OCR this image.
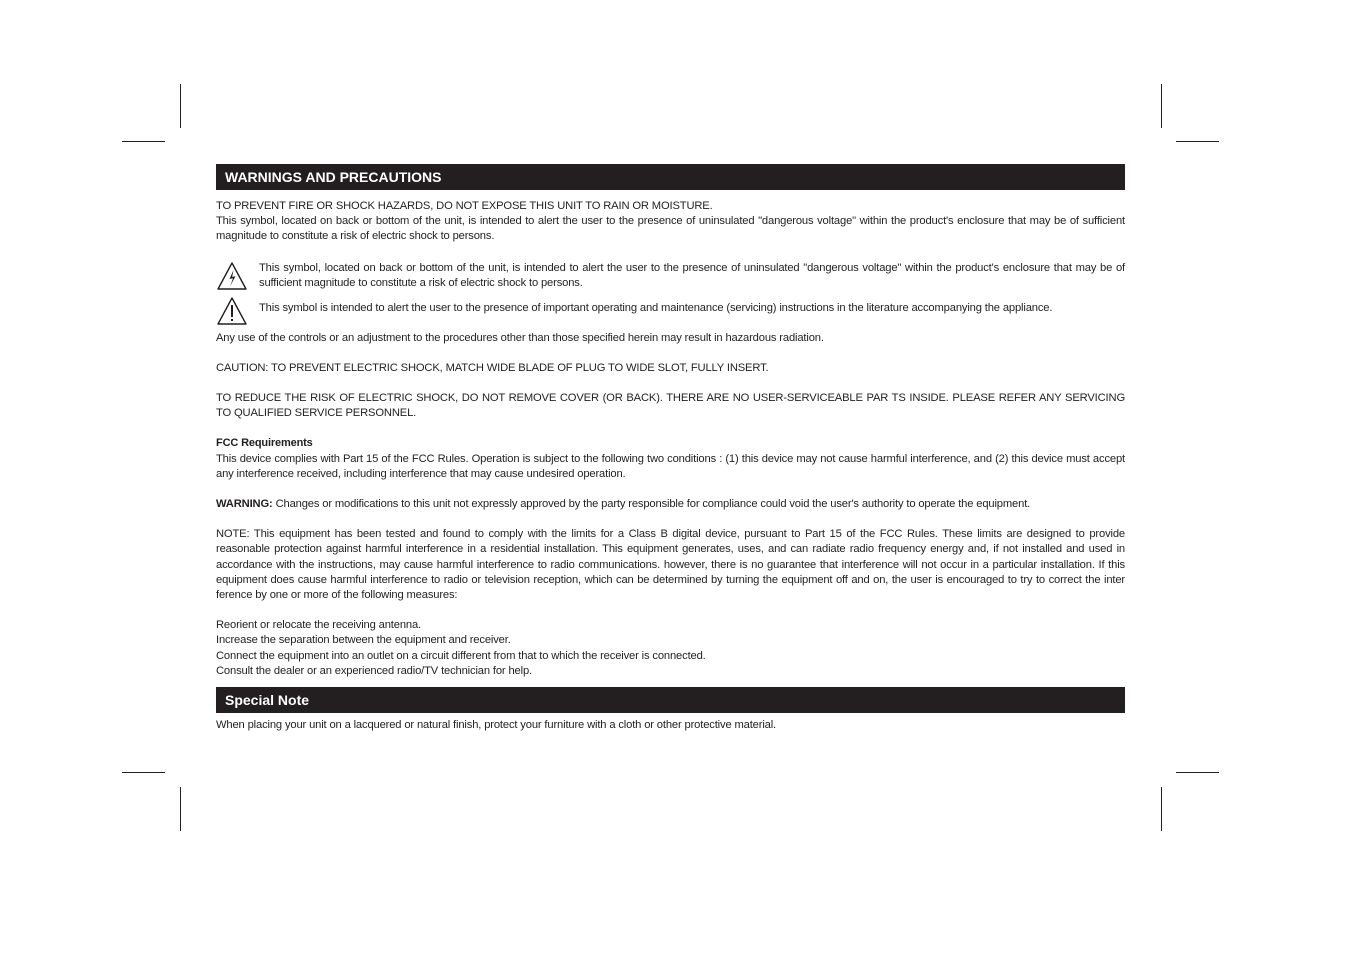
WARNINGS AND PRECAUTIONS

TO PREVENT FIRE OR SHOCK HAZARDS, DO NOT EXPOSE THIS UNIT TO RAIN OR MOISTURE.

This symbol, located on back or bottom of the unit, is intended to alert the user to the presence of uninsulated "dangerous voltage" within the product's enclosure that may be of sufficient magnitude to constitute a risk of electric shock to persons.

This symbol, located on back or bottom of the unit, is intended to alert the user to the presence of uninsulated "dangerous voltage" within the product's enclosure that may be of sufficient magnitude to constitute a risk of electric shock to persons.

This symbol is intended to alert the user to the presence of important operating and maintenance (servicing) instructions in the literature accompanying the appliance.

Any use of the controls or an adjustment to the procedures other than those specified herein may result in hazardous radiation.

CAUTION: TO PREVENT ELECTRIC SHOCK, MATCH WIDE BLADE OF PLUG TO WIDE SLOT, FULLY INSERT.

TO REDUCE THE RISK OF ELECTRIC SHOCK, DO NOT REMOVE COVER (OR BACK). THERE ARE NO USER-SERVICEABLE PAR TS INSIDE. PLEASE REFER ANY SERVICING TO QUALIFIED SERVICE PERSONNEL.

FCC Requirements

This device complies with Part 15 of the FCC Rules. Operation is subject to the following two conditions : (1) this device may not cause harmful interference, and (2) this device must accept any interference received, including interference that may cause undesired operation.

WARNING: Changes or modifications to this unit not expressly approved by the party responsible for compliance could void the user's authority to operate the equipment.

NOTE: This equipment has been tested and found to comply with the limits for a Class B digital device, pursuant to Part 15 of the FCC Rules. These limits are designed to provide reasonable protection against harmful interference in a residential installation. This equipment generates, uses, and can radiate radio frequency energy and, if not installed and used in accordance with the instructions, may cause harmful interference to radio communications. however, there is no guarantee that interference will not occur in a particular installation. If this equipment does cause harmful interference to radio or television reception, which can be determined by turning the equipment off and on, the user is encouraged to try to correct the inter ference by one or more of the following measures:

Reorient or relocate the receiving antenna.

Increase the separation between the equipment and receiver.

Connect the equipment into an outlet on a circuit different from that to which the receiver is connected.

Consult the dealer or an experienced radio/TV technician for help.

Special Note

When placing your unit on a lacquered or natural finish, protect your furniture with a cloth or other protective material.
